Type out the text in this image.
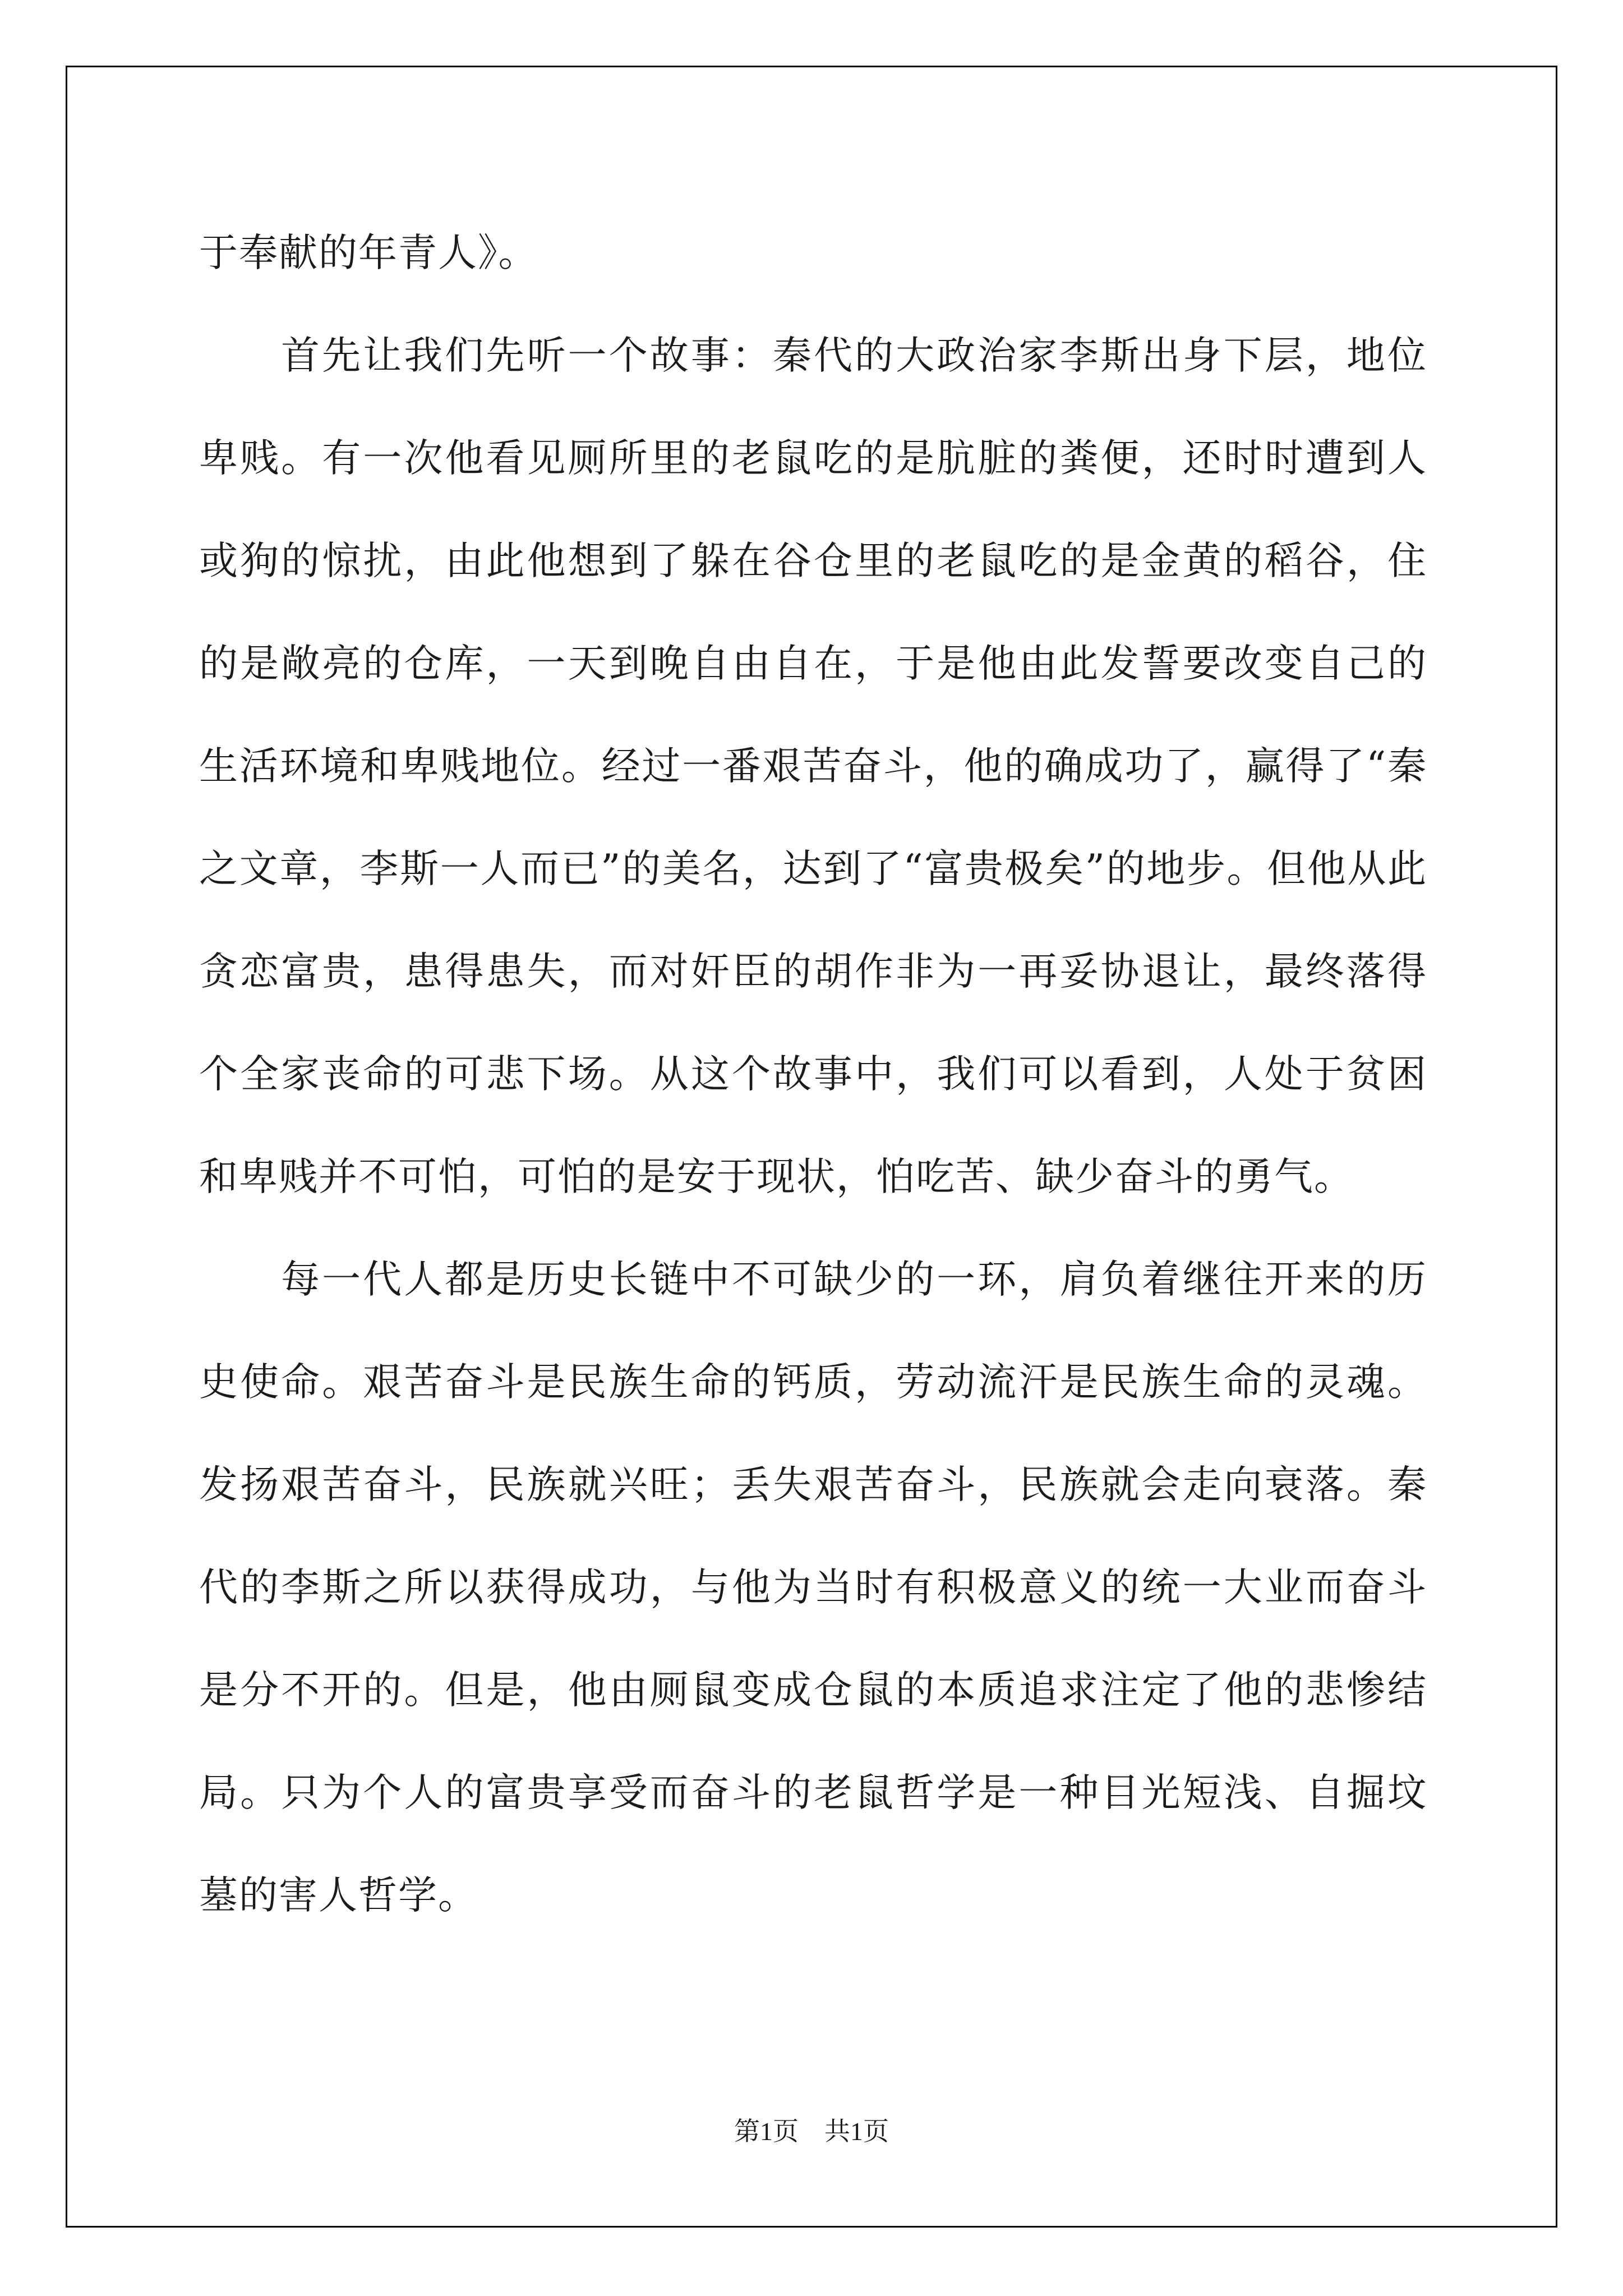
于奉献的年青人》。

首先让我们先听一个故事：秦代的大政治家李斯出身下层，地位卑贱。有一次他看见厕所里的老鼠吃的是肮脏的粪便，还时时遭到人或狗的惊扰，由此他想到了躲在谷仓里的老鼠吃的是金黄的稻谷，住的是敞亮的仓库，一天到晚自由自在，于是他由此发誓要改变自己的生活环境和卑贱地位。经过一番艰苦奋斗，他的确成功了，赢得了“秦之文章，李斯一人而已”的美名，达到了“富贵极矣”的地步。但他从此贪恋富贵，患得患失，而对奸臣的胡作非为一再妥协退让，最终落得个全家丧命的可悲下场。从这个故事中，我们可以看到，人处于贫困和卑贱并不可怕，可怕的是安于现状，怕吃苦、缺少奋斗的勇气。

每一代人都是历史长链中不可缺少的一环，肩负着继往开来的历史使命。艰苦奋斗是民族生命的钙质，劳动流汗是民族生命的灵魂。发扬艰苦奋斗，民族就兴旺；丢失艰苦奋斗，民族就会走向衰落。秦代的李斯之所以获得成功，与他为当时有积极意义的统一大业而奋斗是分不开的。但是，他由厕鼠变成仓鼠的本质追求注定了他的悲惨结局。只为个人的富贵享受而奋斗的老鼠哲学是一种目光短浅、自掘坟墓的害人哲学。

第1页　共1页
